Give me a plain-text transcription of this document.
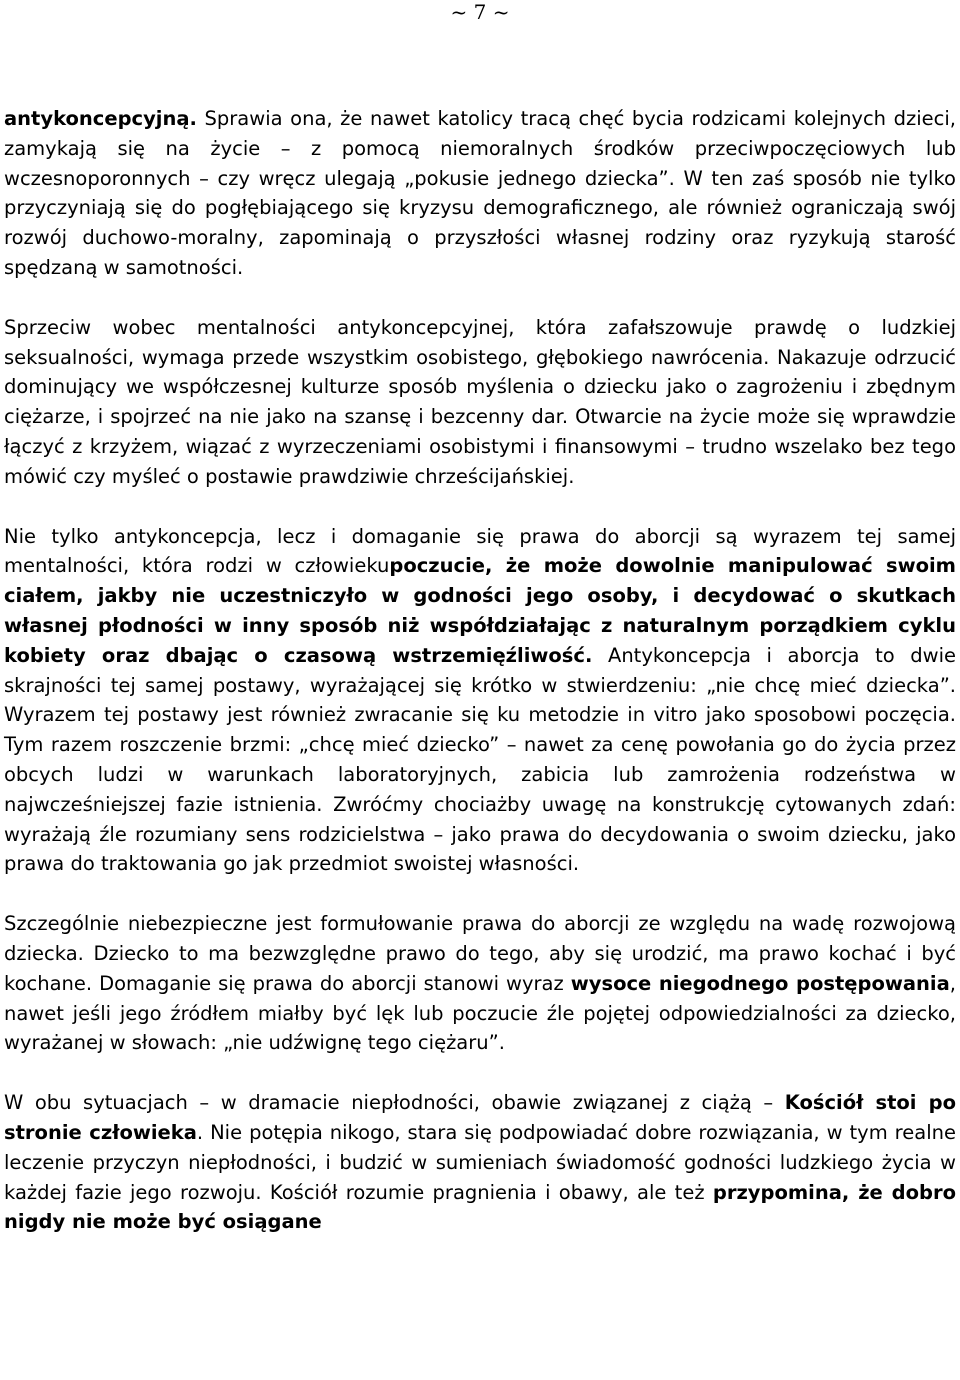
~ 7 ~

antykoncepcyjną. Sprawia ona, że nawet katolicy tracą chęć bycia rodzicami kolejnych dzieci, zamykają się na życie – z pomocą niemoralnych środków przeciwpoczęciowych lub wczesnoporonnych – czy wręcz ulegają „pokusie jednego dziecka”. W ten zaś sposób nie tylko przyczyniają się do pogłębiającego się kryzysu demograficznego, ale również ograniczają swój rozwój duchowo-moralny, zapominają o przyszłości własnej rodziny oraz ryzykują starość spędzaną w samotności.

Sprzeciw wobec mentalności antykoncepcyjnej, która zafałszowuje prawdę o ludzkiej seksualności, wymaga przede wszystkim osobistego, głębokiego nawrócenia. Nakazuje odrzucić dominujący we współczesnej kulturze sposób myślenia o dziecku jako o zagrożeniu i zbędnym ciężarze, i spojrzeć na nie jako na szansę i bezcenny dar. Otwarcie na życie może się wprawdzie łączyć z krzyżem, wiązać z wyrzeczeniami osobistymi i finansowymi – trudno wszelako bez tego mówić czy myśleć o postawie prawdziwie chrześcijańskiej.

Nie tylko antykoncepcja, lecz i domaganie się prawa do aborcji są wyrazem tej samej mentalności, która rodzi w człowiekupoczucie, że może dowolnie manipulować swoim ciałem, jakby nie uczestniczyło w godności jego osoby, i decydować o skutkach własnej płodności w inny sposób niż współdziałając z naturalnym porządkiem cyklu kobiety oraz dbając o czasową wstrzemięźliwość. Antykoncepcja i aborcja to dwie skrajności tej samej postawy, wyrażającej się krótko w stwierdzeniu: „nie chcę mieć dziecka”. Wyrazem tej postawy jest również zwracanie się ku metodzie in vitro jako sposobowi poczęcia. Tym razem roszczenie brzmi: „chcę mieć dziecko” – nawet za cenę powołania go do życia przez obcych ludzi w warunkach laboratoryjnych, zabicia lub zamrożenia rodzeństwa w najwcześniejszej fazie istnienia. Zwróćmy chociażby uwagę na konstrukcję cytowanych zdań: wyrażają źle rozumiany sens rodzicielstwa – jako prawa do decydowania o swoim dziecku, jako prawa do traktowania go jak przedmiot swoistej własności.

Szczególnie niebezpieczne jest formułowanie prawa do aborcji ze względu na wadę rozwojową dziecka. Dziecko to ma bezwzględne prawo do tego, aby się urodzić, ma prawo kochać i być kochane. Domaganie się prawa do aborcji stanowi wyraz wysoce niegodnego postępowania, nawet jeśli jego źródłem miałby być lęk lub poczucie źle pojętej odpowiedzialności za dziecko, wyrażanej w słowach: „nie udźwignę tego ciężaru”.

W obu sytuacjach – w dramacie niepłodności, obawie związanej z ciążą – Kościół stoi po stronie człowieka. Nie potępia nikogo, stara się podpowiadać dobre rozwiązania, w tym realne leczenie przyczyn niepłodności, i budzić w sumieniach świadomość godności ludzkiego życia w każdej fazie jego rozwoju. Kościół rozumie pragnienia i obawy, ale też przypomina, że dobro nigdy nie może być osiągane
